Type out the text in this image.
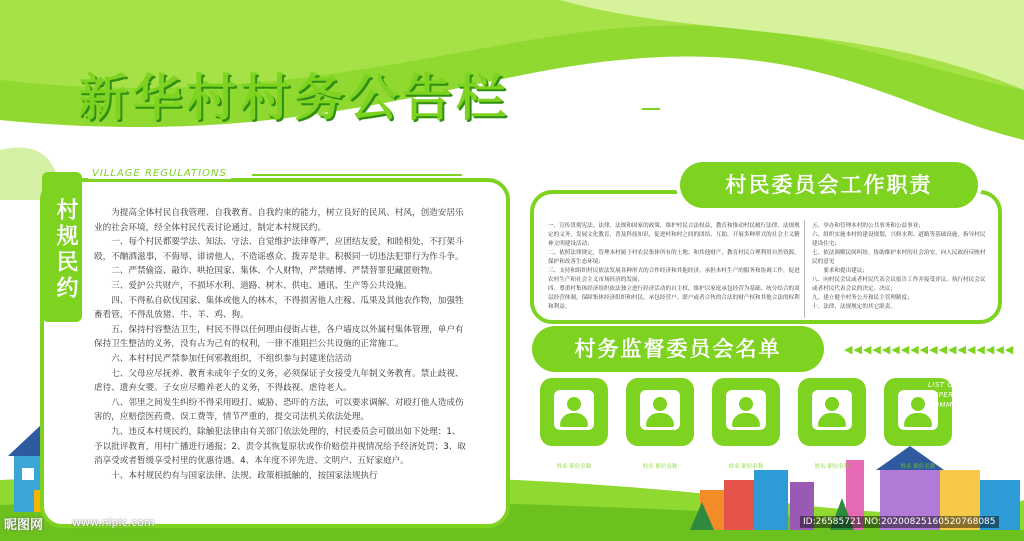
新华村村务公告栏	新农村 新文明 新风尚
VILLAGE REGULATIONS
村规民约	为提高全体村民自我管理、自我教育、自我约束的能力，树立良好的民风、村风，创造安居乐业的社会环境，经全体村民代表讨论通过，制定本村规民约。

一、每个村民都要学法、知法、守法、自觉维护法律尊严，应团结友爱，和睦相处，不打架斗殴，不酗酒滋事，不侮辱、诽谤他人，不造谣惑众、拨弄是非。积极同一切违法犯罪行为作斗争。

二、严禁偷盗、敲诈、哄抢国家、集体、个人财物，严禁赌博、严禁替罪犯藏匿赃物。

三、爱护公共财产，不损坏水利、道路、树木、供电、通讯、生产等公共设施。

四、不得私自砍伐国家、集体或他人的林木，不得损害他人庄稼、瓜果及其他农作物，加强牲畜看管，不得乱放猪、牛、羊、鸡、狗。

五、保持村容整洁卫生，村民不得以任何理由侵街占巷，各户墙皮以外属村集体管理，单户有保持卫生整洁的义务，没有占为己有的权利，一律不准阻拦公共设施的正常施工。

六、本村村民严禁参加任何邪教组织，不组织参与封建迷信活动

七、父母应尽抚养、教育未成年子女的义务，必须保证子女接受九年制义务教育。禁止歧视、虐待、遗弃女婴。子女应尽赡养老人的义务，不得歧视、虐待老人。

八、邻里之间发生纠纷不得采用殴打、威胁、恐吓的方法，可以要求调解。对殴打他人造成伤害的，应赔偿医药费、误工费等，情节严重的，提交司法机关依法处理。

九、违反本村规民约，除触犯法律由有关部门依法处理的，村民委员会可做出如下处理：1、予以批评教育，用村广播进行通报；2、责令其恢复原状或作价赔偿并视情况给予经济处罚；3、取消享受或者暂缓享受村里的优惠待遇。4、本年度不评先进、文明户、五好家庭户。

十、本村规民约有与国家法律、法规、政策相抵触的，按国家法规执行

村民委员会工作职责

一、宣传贯彻宪法、法律、法规和国家的政策，维护村民合法权益，教育和推动村民履行法律、法规规定的义务，发展文化教育，普及科技知识，促进村和村之间的团结、互助，开展多种形式的社会主义精神文明建设活动；

二、依照法律规定，管理本村属于村农民集体所有的土地、和其他财产，教育村民合理利用自然资源，保护和改善生态环境；

三、支持和组织村民依法发展各种形式的合作经济和其他经济，承担本村生产的服务和协调工作，促进农村生产和社会主义市场经济的发展；

四、尊重村集体经济组织依法独立进行经济活动的自主权，维护以家庭承包经营为基础、统分结合的双层经营体制，保障集体经济组织和村民、承包经营户、联户或者合伙的合法的财产权和其他合法的权利和利益；

五、举办和管理本村的公共事务和公益事业；

六、组织实施本村的建设规划，兴修水利、道路等基础设施，指导村民建设住宅；

七、依法调解民间纠纷，协助维护本村的社会治安，向人民政府反映村民的意见

要求和提出建议；

八、向村民会议或者村民代表会议报告工作并接受评议，执行村民会议或者村民代表会议的决定、决议；

九、建立健全村务公开和民主管理制度；

十、法律、法规规定的其它职责。

村务监督委员会名单	◀◀◀◀◀◀◀◀◀◀◀◀◀◀◀◀◀◀
姓名 职位名称	姓名 职位名称	姓名 职位名称	姓名 职位名称	姓名 职位名称
LIST OF VILLAGE
SUPERVISION
COMMITTEES
昵图网	www.nipic.com	ID:26585721 NO:20200825160520768085
